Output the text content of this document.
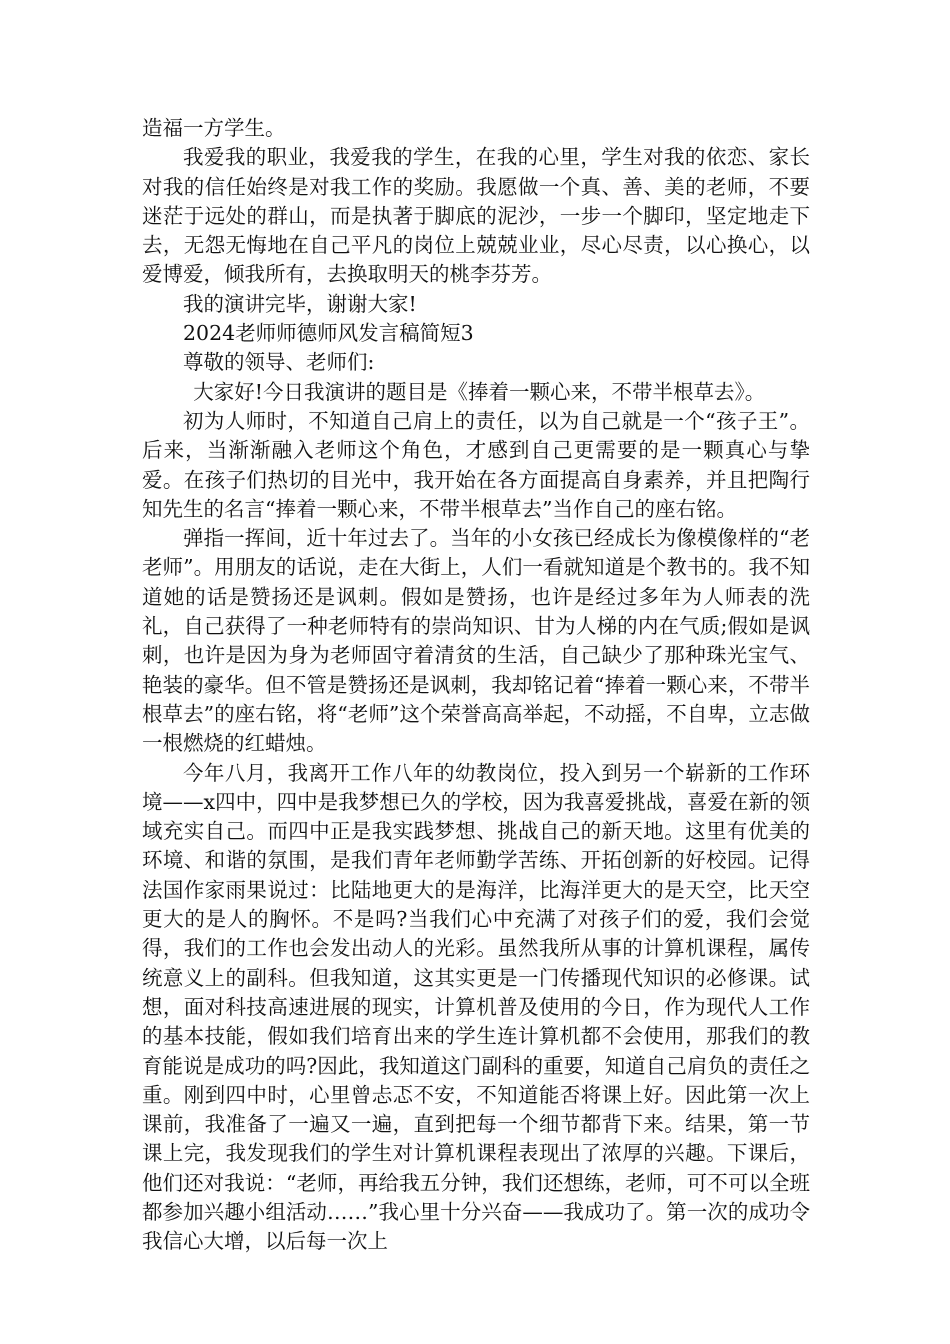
造福一方学生。

我爱我的职业，我爱我的学生，在我的心里，学生对我的依恋、家长对我的信任始终是对我工作的奖励。我愿做一个真、善、美的老师，不要迷茫于远处的群山，而是执著于脚底的泥沙，一步一个脚印，坚定地走下去，无怨无悔地在自己平凡的岗位上兢兢业业，尽心尽责，以心换心，以爱博爱，倾我所有，去换取明天的桃李芬芳。

我的演讲完毕，谢谢大家!

2024老师师德师风发言稿简短3

尊敬的领导、老师们:

大家好!今日我演讲的题目是《捧着一颗心来，不带半根草去》。

初为人师时，不知道自己肩上的责任，以为自己就是一个“孩子王”。后来，当渐渐融入老师这个角色，才感到自己更需要的是一颗真心与挚爱。在孩子们热切的目光中，我开始在各方面提高自身素养，并且把陶行知先生的名言“捧着一颗心来，不带半根草去”当作自己的座右铭。

弹指一挥间，近十年过去了。当年的小女孩已经成长为像模像样的“老老师”。用朋友的话说，走在大街上，人们一看就知道是个教书的。我不知道她的话是赞扬还是讽刺。假如是赞扬，也许是经过多年为人师表的洗礼，自己获得了一种老师特有的崇尚知识、甘为人梯的内在气质;假如是讽刺，也许是因为身为老师固守着清贫的生活，自己缺少了那种珠光宝气、艳装的豪华。但不管是赞扬还是讽刺，我却铭记着“捧着一颗心来，不带半根草去”的座右铭，将“老师”这个荣誉高高举起，不动摇，不自卑，立志做一根燃烧的红蜡烛。

今年八月，我离开工作八年的幼教岗位，投入到另一个崭新的工作环境——x四中，四中是我梦想已久的学校，因为我喜爱挑战，喜爱在新的领域充实自己。而四中正是我实践梦想、挑战自己的新天地。这里有优美的环境、和谐的氛围，是我们青年老师勤学苦练、开拓创新的好校园。记得法国作家雨果说过：比陆地更大的是海洋，比海洋更大的是天空，比天空更大的是人的胸怀。不是吗?当我们心中充满了对孩子们的爱，我们会觉得，我们的工作也会发出动人的光彩。虽然我所从事的计算机课程，属传统意义上的副科。但我知道，这其实更是一门传播现代知识的必修课。试想，面对科技高速进展的现实，计算机普及使用的今日，作为现代人工作的基本技能，假如我们培育出来的学生连计算机都不会使用，那我们的教育能说是成功的吗?因此，我知道这门副科的重要，知道自己肩负的责任之重。刚到四中时，心里曾忐忑不安，不知道能否将课上好。因此第一次上课前，我准备了一遍又一遍，直到把每一个细节都背下来。结果，第一节课上完，我发现我们的学生对计算机课程表现出了浓厚的兴趣。下课后，他们还对我说：“老师，再给我五分钟，我们还想练，老师，可不可以全班都参加兴趣小组活动……”我心里十分兴奋——我成功了。第一次的成功令我信心大增，以后每一次上
